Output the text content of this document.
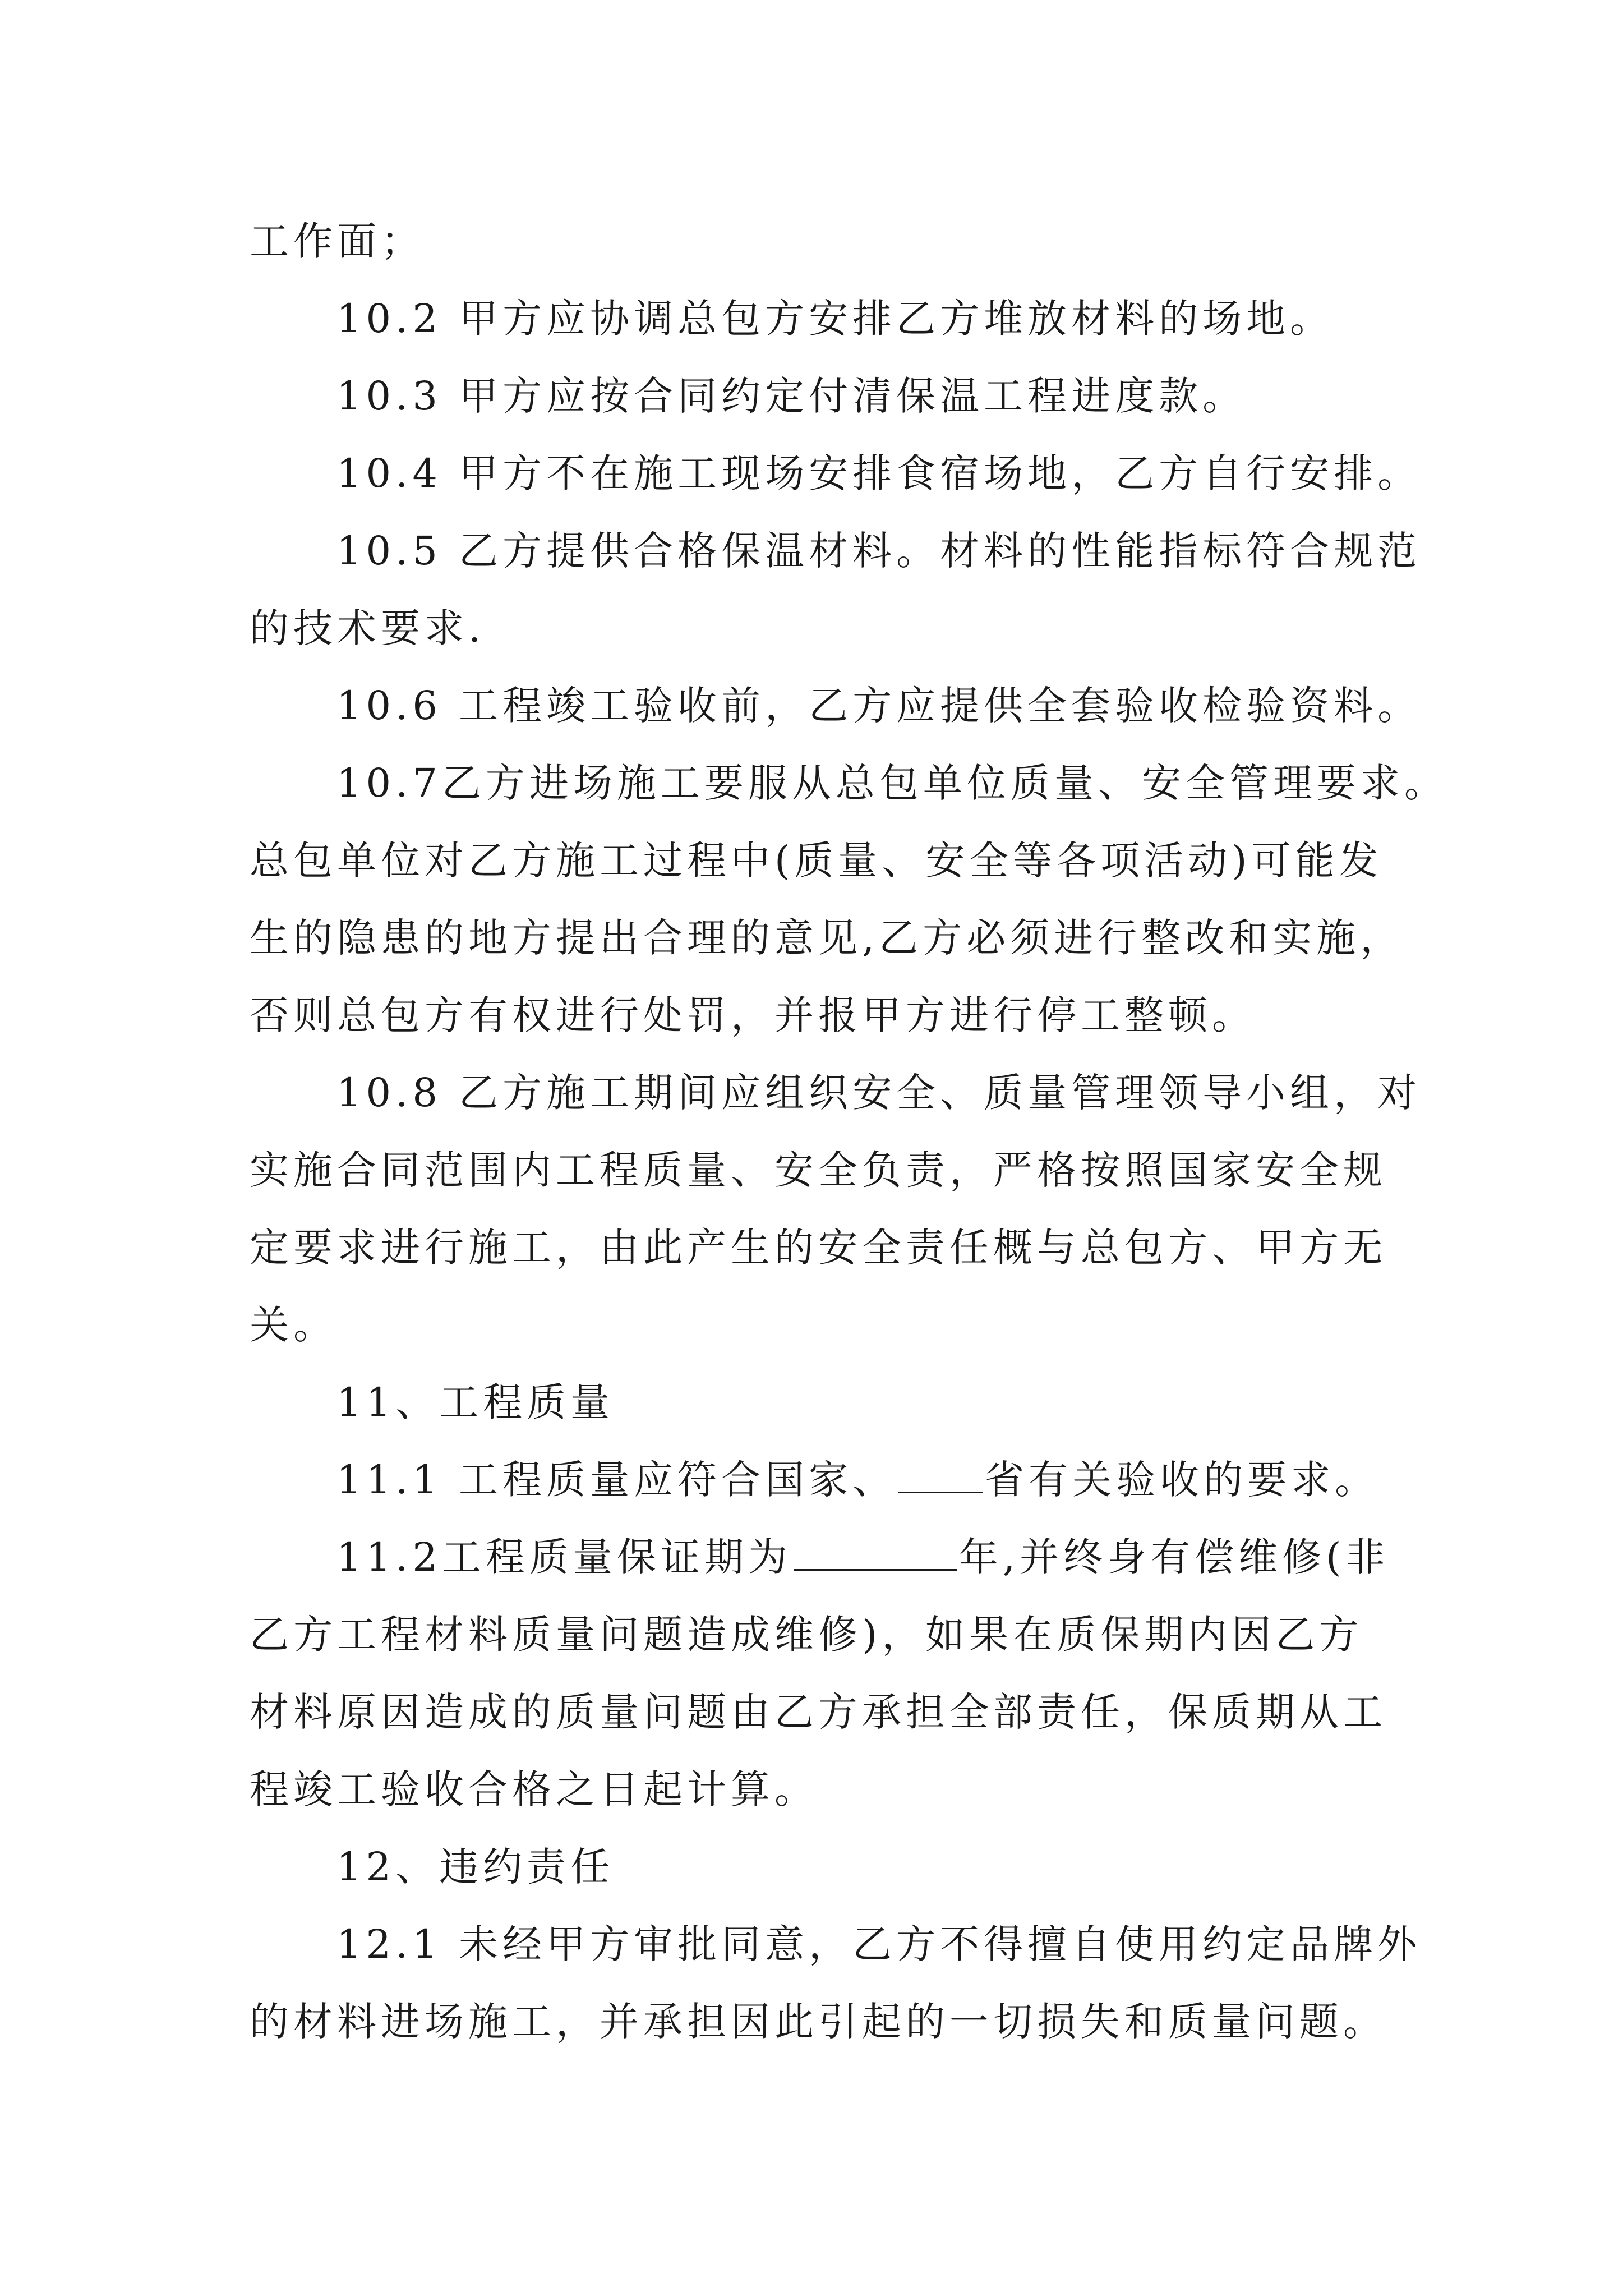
工作面；
10.2 甲方应协调总包方安排乙方堆放材料的场地。
10.3 甲方应按合同约定付清保温工程进度款。
10.4 甲方不在施工现场安排食宿场地，乙方自行安排。
10.5 乙方提供合格保温材料。材料的性能指标符合规范
的技术要求.
10.6 工程竣工验收前，乙方应提供全套验收检验资料。
10.7乙方进场施工要服从总包单位质量、安全管理要求。
总包单位对乙方施工过程中(质量、安全等各项活动)可能发
生的隐患的地方提出合理的意见,乙方必须进行整改和实施，
否则总包方有权进行处罚，并报甲方进行停工整顿。
10.8 乙方施工期间应组织安全、质量管理领导小组，对
实施合同范围内工程质量、安全负责，严格按照国家安全规
定要求进行施工，由此产生的安全责任概与总包方、甲方无
关。
11、工程质量
11.1 工程质量应符合国家、 省有关验收的要求。
11.2工程质量保证期为	年,并终身有偿维修(非
乙方工程材料质量问题造成维修)，如果在质保期内因乙方
材料原因造成的质量问题由乙方承担全部责任，保质期从工
程竣工验收合格之日起计算。
12、违约责任
12.1 未经甲方审批同意，乙方不得擅自使用约定品牌外
的材料进场施工，并承担因此引起的一切损失和质量问题。
